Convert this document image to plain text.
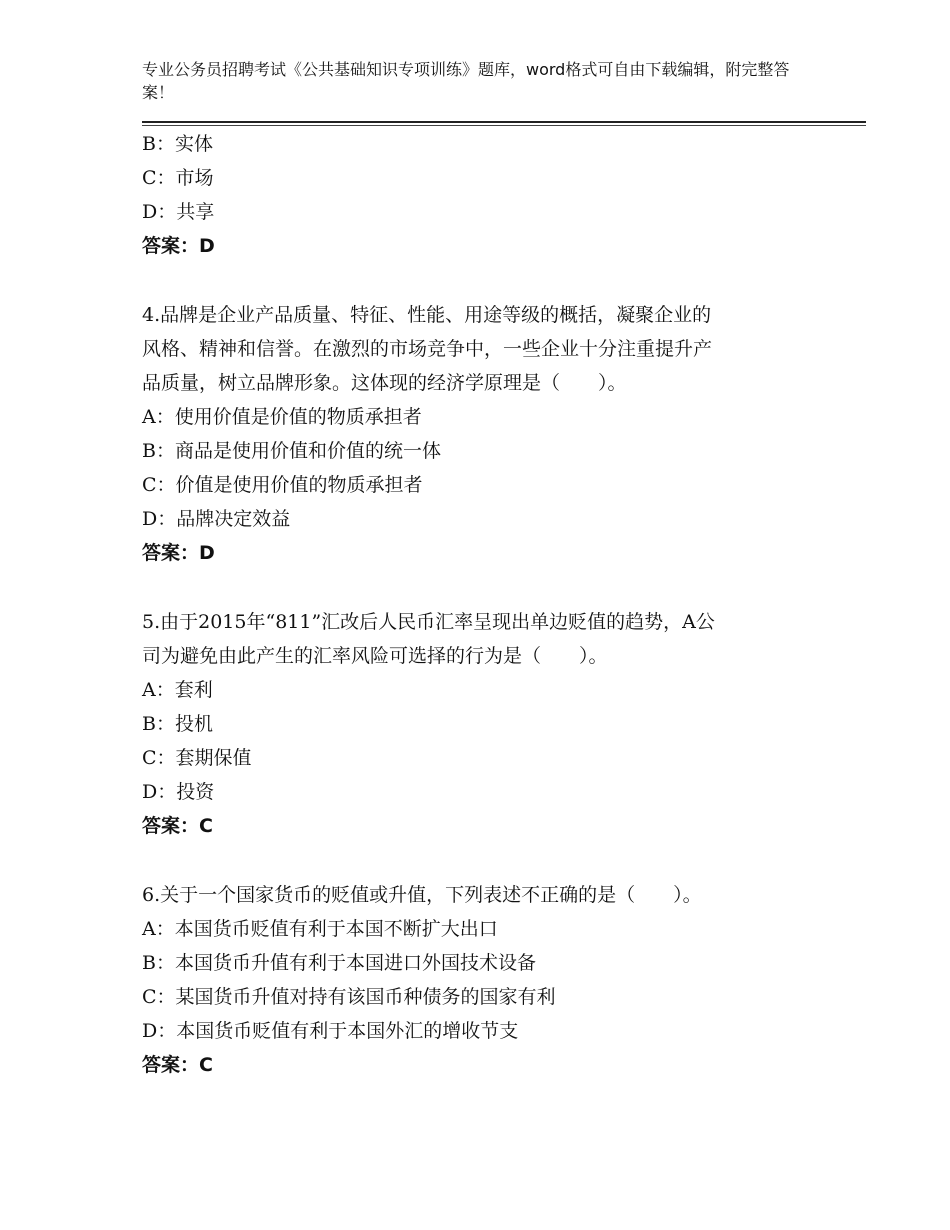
专业公务员招聘考试《公共基础知识专项训练》题库，word格式可自由下载编辑，附完整答案！
B：实体
C：市场
D：共享
答案：D
4.品牌是企业产品质量、特征、性能、用途等级的概括，凝聚企业的
风格、精神和信誉。在激烈的市场竞争中，一些企业十分注重提升产
品质量，树立品牌形象。这体现的经济学原理是（　　）。
A：使用价值是价值的物质承担者
B：商品是使用价值和价值的统一体
C：价值是使用价值的物质承担者
D：品牌决定效益
答案：D
5.由于2015年“811”汇改后人民币汇率呈现出单边贬值的趋势，A公
司为避免由此产生的汇率风险可选择的行为是（　　）。
A：套利
B：投机
C：套期保值
D：投资
答案：C
6.关于一个国家货币的贬值或升值，下列表述不正确的是（　　）。
A：本国货币贬值有利于本国不断扩大出口
B：本国货币升值有利于本国进口外国技术设备
C：某国货币升值对持有该国币种债务的国家有利
D：本国货币贬值有利于本国外汇的增收节支
答案：C
